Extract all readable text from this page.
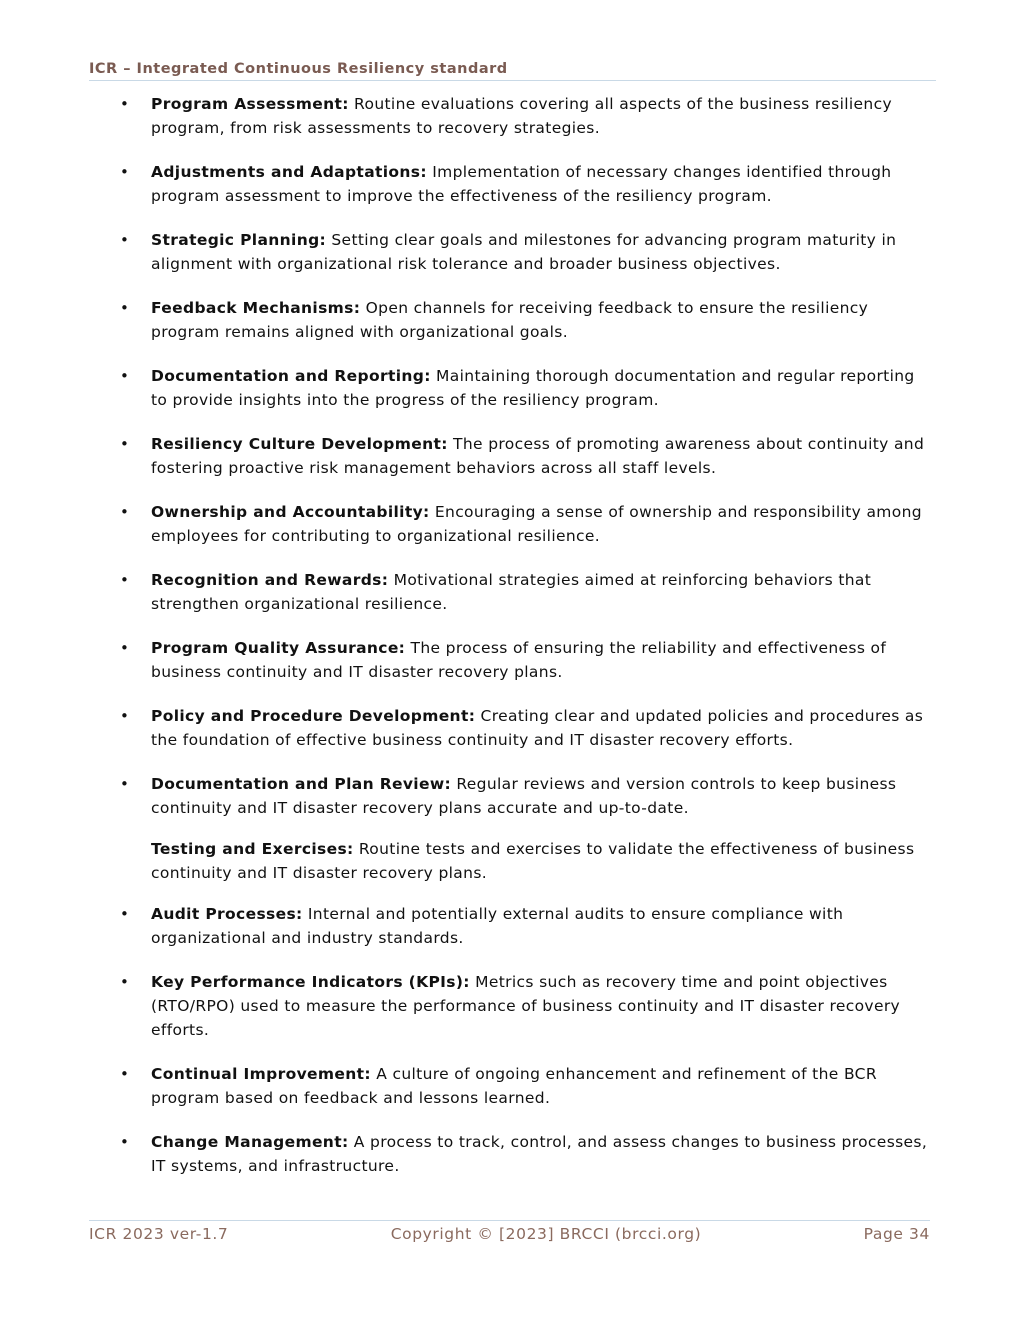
ICR – Integrated Continuous Resiliency standard
• Program Assessment: Routine evaluations covering all aspects of the business resiliency program, from risk assessments to recovery strategies.
• Adjustments and Adaptations: Implementation of necessary changes identified through program assessment to improve the effectiveness of the resiliency program.
• Strategic Planning: Setting clear goals and milestones for advancing program maturity in alignment with organizational risk tolerance and broader business objectives.
• Feedback Mechanisms: Open channels for receiving feedback to ensure the resiliency program remains aligned with organizational goals.
• Documentation and Reporting: Maintaining thorough documentation and regular reporting to provide insights into the progress of the resiliency program.
• Resiliency Culture Development: The process of promoting awareness about continuity and fostering proactive risk management behaviors across all staff levels.
• Ownership and Accountability: Encouraging a sense of ownership and responsibility among employees for contributing to organizational resilience.
• Recognition and Rewards: Motivational strategies aimed at reinforcing behaviors that strengthen organizational resilience.
• Program Quality Assurance: The process of ensuring the reliability and effectiveness of business continuity and IT disaster recovery plans.
• Policy and Procedure Development: Creating clear and updated policies and procedures as the foundation of effective business continuity and IT disaster recovery efforts.
• Documentation and Plan Review: Regular reviews and version controls to keep business continuity and IT disaster recovery plans accurate and up-to-date.
Testing and Exercises: Routine tests and exercises to validate the effectiveness of business continuity and IT disaster recovery plans.
• Audit Processes: Internal and potentially external audits to ensure compliance with organizational and industry standards.
• Key Performance Indicators (KPIs): Metrics such as recovery time and point objectives (RTO/RPO) used to measure the performance of business continuity and IT disaster recovery efforts.
• Continual Improvement: A culture of ongoing enhancement and refinement of the BCR program based on feedback and lessons learned.
• Change Management: A process to track, control, and assess changes to business processes, IT systems, and infrastructure.
ICR 2023 ver-1.7	Copyright © [2023] BRCCI (brcci.org)	Page 34
